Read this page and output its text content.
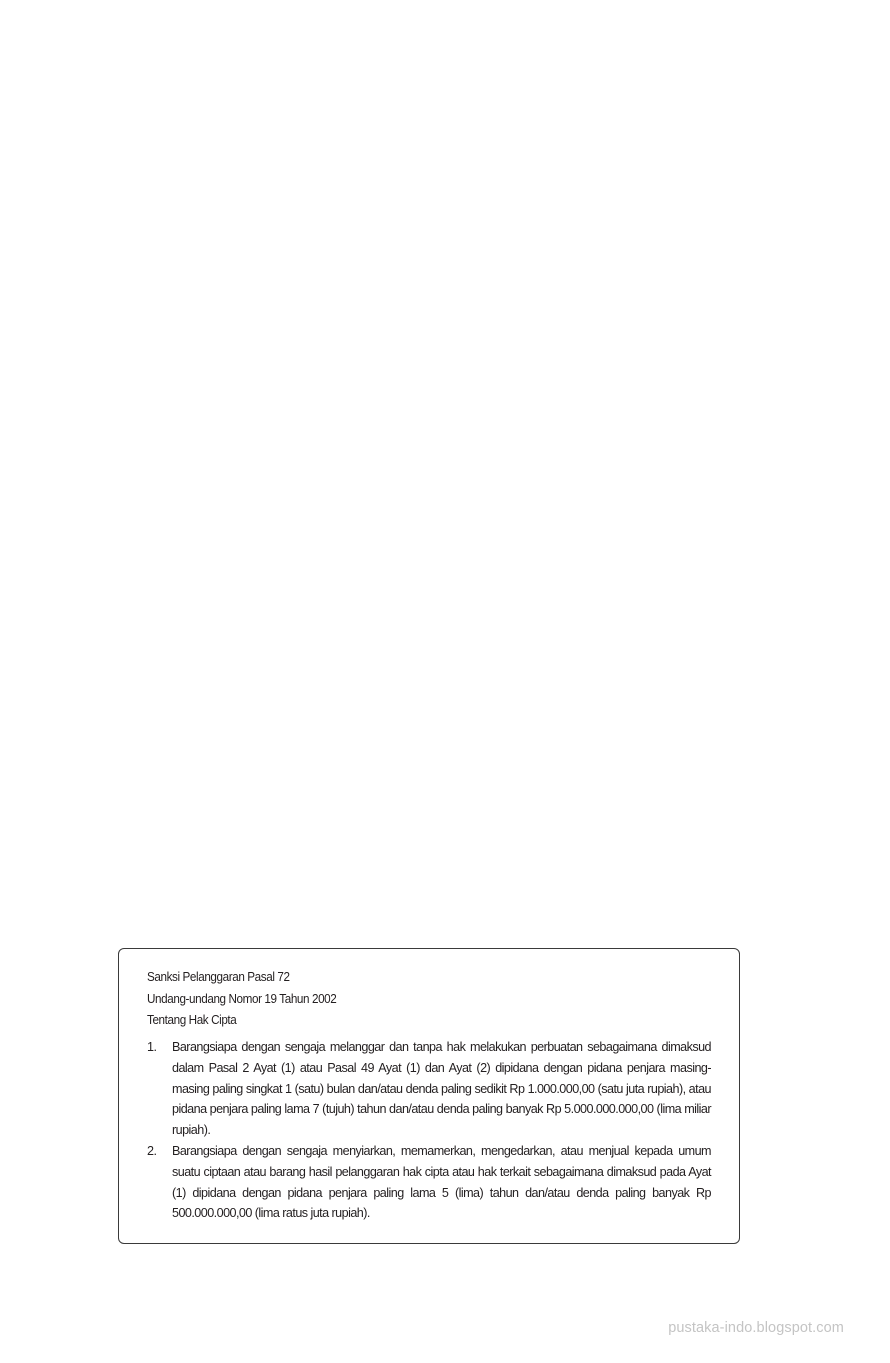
Sanksi Pelanggaran Pasal 72
Undang-undang Nomor 19 Tahun 2002
Tentang Hak Cipta
1. Barangsiapa dengan sengaja melanggar dan tanpa hak melakukan perbuatan sebagaimana dimaksud dalam Pasal 2 Ayat (1) atau Pasal 49 Ayat (1) dan Ayat (2) dipidana dengan pidana penjara masing-masing paling singkat 1 (satu) bulan dan/atau denda paling sedikit Rp 1.000.000,00 (satu juta rupiah), atau pidana penjara paling lama 7 (tujuh) tahun dan/atau denda paling banyak Rp 5.000.000.000,00 (lima miliar rupiah).
2. Barangsiapa dengan sengaja menyiarkan, memamerkan, mengedarkan, atau menjual kepada umum suatu ciptaan atau barang hasil pelanggaran hak cipta atau hak terkait sebagaimana dimaksud pada Ayat (1) dipidana dengan pidana penjara paling lama 5 (lima) tahun dan/atau denda paling banyak Rp 500.000.000,00 (lima ratus juta rupiah).
pustaka-indo.blogspot.com
